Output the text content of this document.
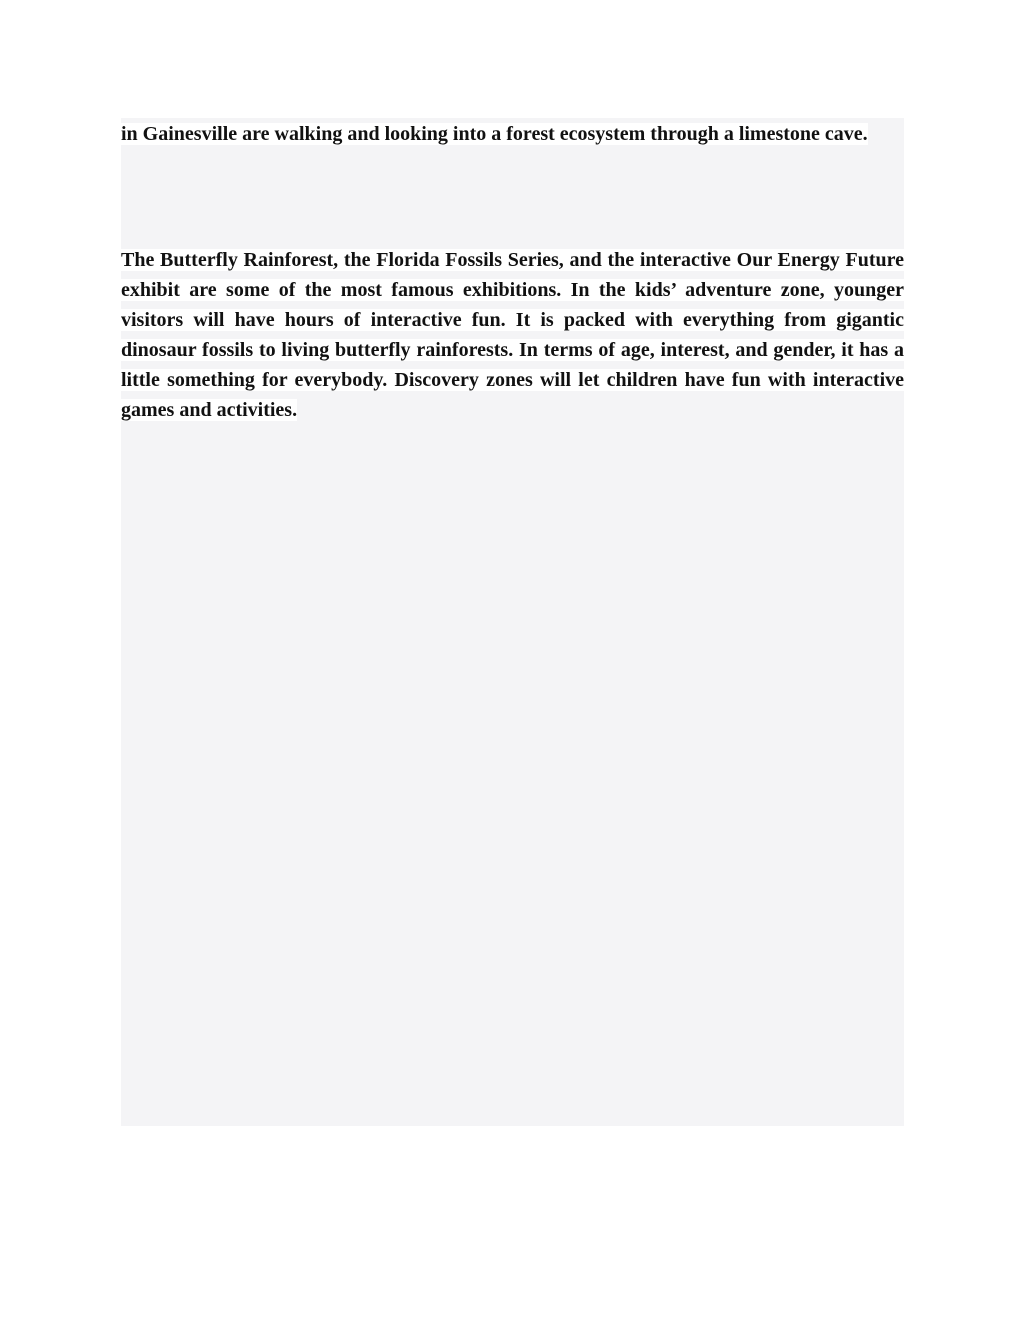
in Gainesville are walking and looking into a forest ecosystem through a limestone cave.

The Butterfly Rainforest, the Florida Fossils Series, and the interactive Our Energy Future exhibit are some of the most famous exhibitions. In the kids’ adventure zone, younger visitors will have hours of interactive fun. It is packed with everything from gigantic dinosaur fossils to living butterfly rainforests. In terms of age, interest, and gender, it has a little something for everybody. Discovery zones will let children have fun with interactive games and activities.
